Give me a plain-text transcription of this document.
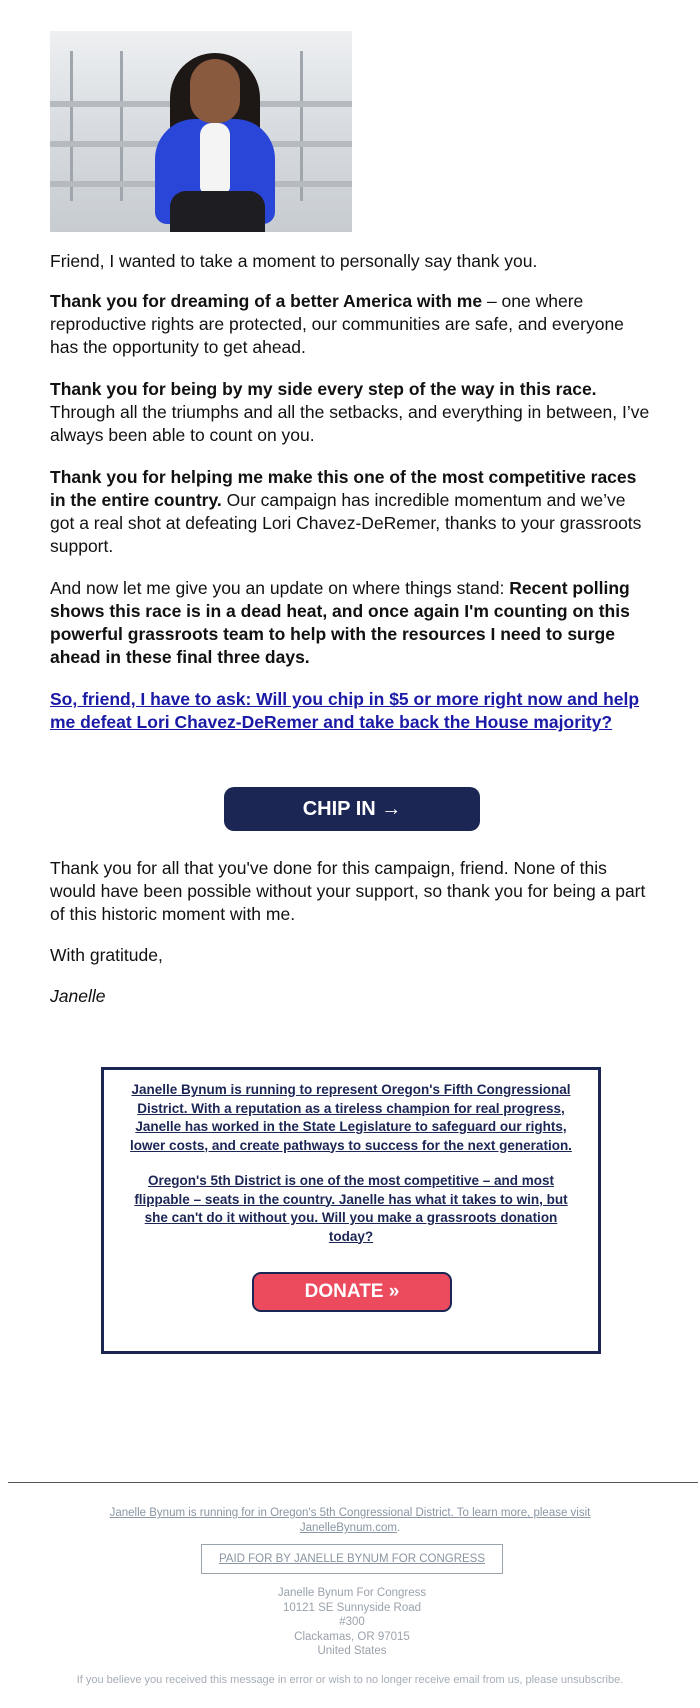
Friend, I wanted to take a moment to personally say thank you.

Thank you for dreaming of a better America with me – one where reproductive rights are protected, our communities are safe, and everyone has the opportunity to get ahead.

Thank you for being by my side every step of the way in this race. Through all the triumphs and all the setbacks, and everything in between, I’ve always been able to count on you.

Thank you for helping me make this one of the most competitive races in the entire country. Our campaign has incredible momentum and we’ve got a real shot at defeating Lori Chavez-DeRemer, thanks to your grassroots support.

And now let me give you an update on where things stand: Recent polling shows this race is in a dead heat, and once again I'm counting on this powerful grassroots team to help with the resources I need to surge ahead in these final three days.

So, friend, I have to ask: Will you chip in $5 or more right now and help me defeat Lori Chavez-DeRemer and take back the House majority?

CHIP IN →

Thank you for all that you've done for this campaign, friend. None of this would have been possible without your support, so thank you for being a part of this historic moment with me.

With gratitude,

Janelle

Janelle Bynum is running to represent Oregon's Fifth Congressional District. With a reputation as a tireless champion for real progress, Janelle has worked in the State Legislature to safeguard our rights, lower costs, and create pathways to success for the next generation.

Oregon's 5th District is one of the most competitive – and most flippable – seats in the country. Janelle has what it takes to win, but she can't do it without you. Will you make a grassroots donation today?

DONATE »
Janelle Bynum is running for in Oregon's 5th Congressional District. To learn more, please visit JanelleBynum.com.
PAID FOR BY JANELLE BYNUM FOR CONGRESS
Janelle Bynum For Congress
10121 SE Sunnyside Road
#300
Clackamas, OR 97015
United States
If you believe you received this message in error or wish to no longer receive email from us, please unsubscribe.
